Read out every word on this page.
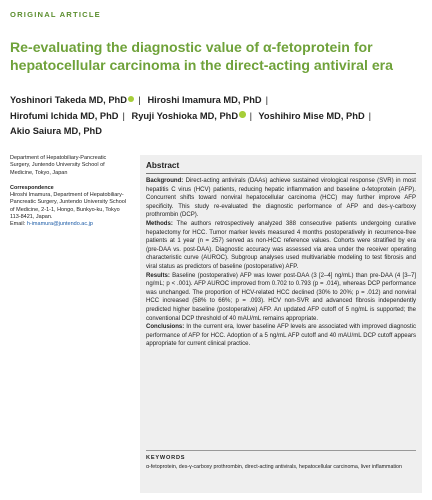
ORIGINAL ARTICLE
Re-evaluating the diagnostic value of α-fetoprotein for hepatocellular carcinoma in the direct-acting antiviral era
Yoshinori Takeda MD, PhD | Hiroshi Imamura MD, PhD |
Hirofumi Ichida MD, PhD | Ryuji Yoshioka MD, PhD | Yoshihiro Mise MD, PhD |
Akio Saiura MD, PhD
Department of Hepatobiliary-Pancreatic Surgery, Juntendo University School of Medicine, Tokyo, Japan
Correspondence
Hiroshi Imamura, Department of Hepatobiliary-Pancreatic Surgery, Juntendo University School of Medicine, 2-1-1, Hongo, Bunkyo-ku, Tokyo 113-8421, Japan.
Email: h-imamura@juntendo.ac.jp
Abstract

Background: Direct-acting antivirals (DAAs) achieve sustained virological response (SVR) in most hepatitis C virus (HCV) patients, reducing hepatic inflammation and baseline α-fetoprotein (AFP). Concurrent shifts toward nonviral hepatocellular carcinoma (HCC) may further improve AFP specificity. This study re-evaluated the diagnostic performance of AFP and des-γ-carboxy prothrombin (DCP).

Methods: The authors retrospectively analyzed 388 consecutive patients undergoing curative hepatectomy for HCC. Tumor marker levels measured 4 months postoperatively in recurrence-free patients at 1 year (n = 257) served as non-HCC reference values. Cohorts were stratified by era (pre-DAA vs. post-DAA). Diagnostic accuracy was assessed via area under the receiver operating characteristic curve (AUROC). Subgroup analyses used multivariable modeling to test fibrosis and viral status as predictors of baseline (postoperative) AFP.

Results: Baseline (postoperative) AFP was lower post-DAA (3 [2–4] ng/mL) than pre-DAA (4 [3–7] ng/mL; p < .001). AFP AUROC improved from 0.702 to 0.793 (p = .014), whereas DCP performance was unchanged. The proportion of HCV-related HCC declined (30% to 20%; p = .012) and nonviral HCC increased (58% to 66%; p = .093). HCV non-SVR and advanced fibrosis independently predicted higher baseline (postoperative) AFP. An updated AFP cutoff of 5 ng/mL is supported; the conventional DCP threshold of 40 mAU/mL remains appropriate.

Conclusions: In the current era, lower baseline AFP levels are associated with improved diagnostic performance of AFP for HCC. Adoption of a 5 ng/mL AFP cutoff and 40 mAU/mL DCP cutoff appears appropriate for current clinical practice.

KEYWORDS
α-fetoprotein, des-γ-carboxy prothrombin, direct-acting antivirals, hepatocellular carcinoma, liver inflammation
